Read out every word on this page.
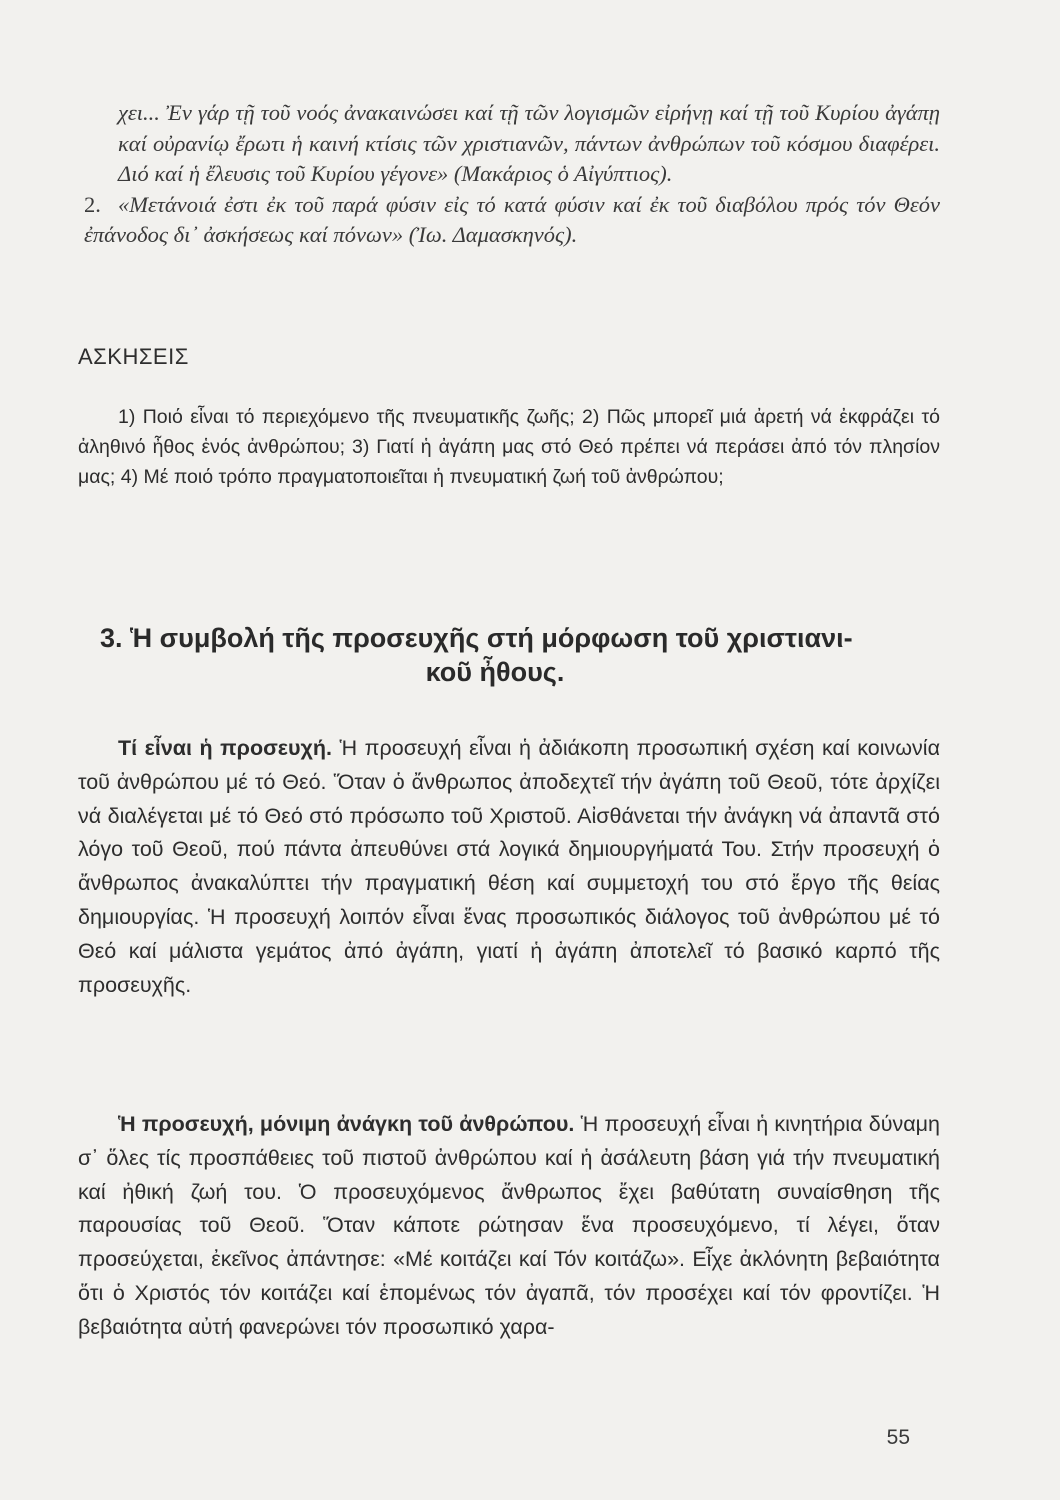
χει... Ἐν γάρ τῇ τοῦ νοός ἀνακαινώσει καί τῇ τῶν λογισμῶν εἰρήνῃ καί τῇ τοῦ Κυρίου ἀγάπῃ καί οὐρανίῳ ἔρωτι ἡ καινή κτίσις τῶν χριστιανῶν, πάντων ἀνθρώπων τοῦ κόσμου διαφέρει. Διό καί ἡ ἔλευσις τοῦ Κυρίου γέγονε» (Μακάριος ὁ Αἰγύπτιος).

2. «Μετάνοιά ἐστι ἐκ τοῦ παρά φύσιν εἰς τό κατά φύσιν καί ἐκ τοῦ διαβόλου πρός τόν Θεόν ἐπάνοδος δι᾽ ἀσκήσεως καί πόνων» (Ἰω. Δαμασκηνός).

ΑΣΚΗΣΕΙΣ

1) Ποιό εἶναι τό περιεχόμενο τῆς πνευματικῆς ζωῆς; 2) Πῶς μπορεῖ μιά ἀρετή νά ἐκφράζει τό ἀληθινό ἦθος ἑνός ἀνθρώπου; 3) Γιατί ἡ ἀγάπη μας στό Θεό πρέπει νά περάσει ἀπό τόν πλησίον μας; 4) Μέ ποιό τρόπο πραγματοποιεῖται ἡ πνευματική ζωή τοῦ ἀνθρώπου;

3. Ἡ συμβολή τῆς προσευχῆς στή μόρφωση τοῦ χριστιανι-
κοῦ ἦθους.

Τί εἶναι ἡ προσευχή. Ἡ προσευχή εἶναι ἡ ἀδιάκοπη προσωπική σχέση καί κοινωνία τοῦ ἀνθρώπου μέ τό Θεό. Ὅταν ὁ ἄνθρωπος ἀποδεχτεῖ τήν ἀγάπη τοῦ Θεοῦ, τότε ἀρχίζει νά διαλέγεται μέ τό Θεό στό πρόσωπο τοῦ Χριστοῦ. Αἰσθάνεται τήν ἀνάγκη νά ἀπαντᾶ στό λόγο τοῦ Θεοῦ, πού πάντα ἀπευθύνει στά λογικά δημιουργήματά Του. Στήν προσευχή ὁ ἄνθρωπος ἀνακαλύπτει τήν πραγματική θέση καί συμμετοχή του στό ἔργο τῆς θείας δημιουργίας. Ἡ προσευχή λοιπόν εἶναι ἕνας προσωπικός διάλογος τοῦ ἀνθρώπου μέ τό Θεό καί μάλιστα γεμάτος ἀπό ἀγάπη, γιατί ἡ ἀγάπη ἀποτελεῖ τό βασικό καρπό τῆς προσευχῆς.

Ἡ προσευχή, μόνιμη ἀνάγκη τοῦ ἀνθρώπου. Ἡ προσευχή εἶναι ἡ κινητήρια δύναμη σ᾽ ὅλες τίς προσπάθειες τοῦ πιστοῦ ἀνθρώπου καί ἡ ἀσάλευτη βάση γιά τήν πνευματική καί ἠθική ζωή του. Ὁ προσευχόμενος ἄνθρωπος ἔχει βαθύτατη συναίσθηση τῆς παρουσίας τοῦ Θεοῦ. Ὅταν κάποτε ρώτησαν ἕνα προσευχόμενο, τί λέγει, ὅταν προσεύχεται, ἐκεῖνος ἀπάντησε: «Μέ κοιτάζει καί Τόν κοιτάζω». Εἶχε ἀκλόνητη βεβαιότητα ὅτι ὁ Χριστός τόν κοιτάζει καί ἑπομένως τόν ἀγαπᾶ, τόν προσέχει καί τόν φροντίζει. Ἡ βεβαιότητα αὐτή φανερώνει τόν προσωπικό χαρα-

55
